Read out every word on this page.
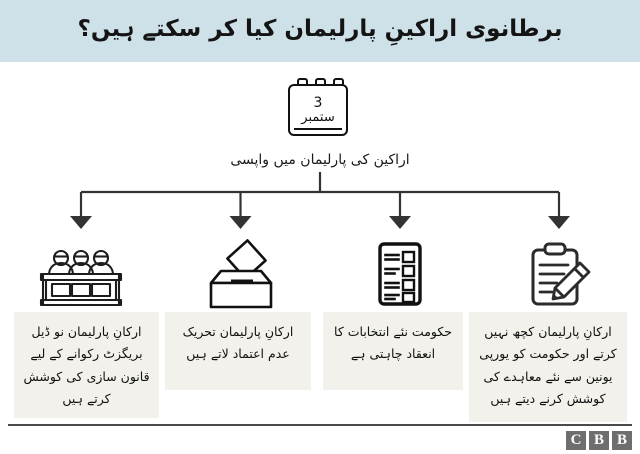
برطانوی اراکینِ پارلیمان کیا کر سکتے ہیں؟
3
ستمبر
اراکین کی پارلیمان میں واپسی
ارکانِ پارلیمان نو ڈیل بریگزٹ رکوانے کے لیے قانون سازی کی کوشش کرتے ہیں
ارکانِ پارلیمان تحریک عدم اعتماد لاتے ہیں
حکومت نئے انتخابات کا انعقاد چاہتی ہے
ارکانِ پارلیمان کچھ نہیں کرتے اور حکومت کو یورپی یونین سے نئے معاہدے کی کوشش کرنے دیتے ہیں
B
B
C
